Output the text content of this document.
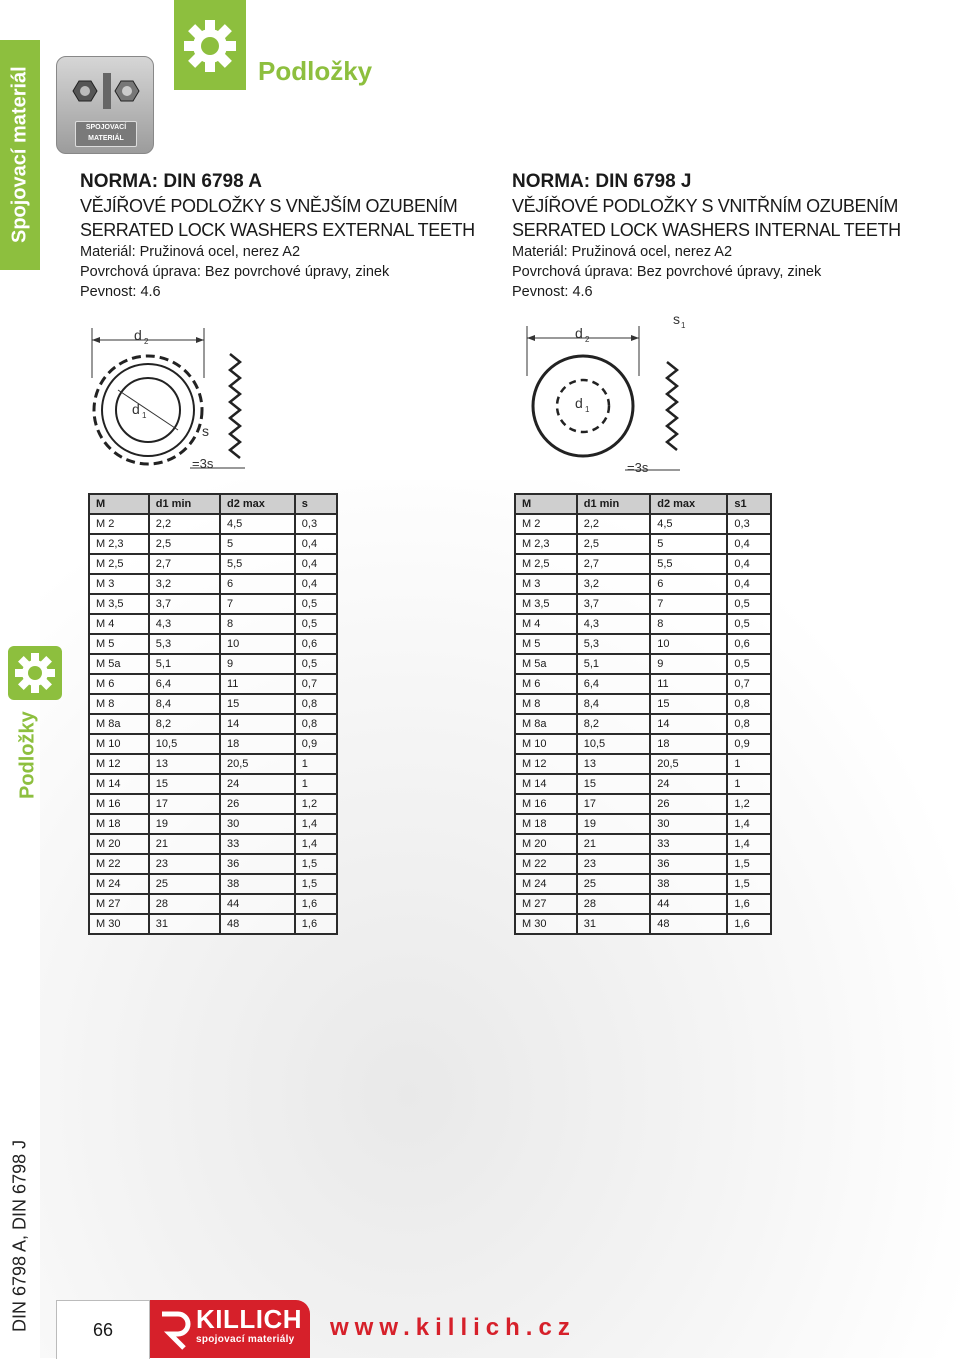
Spojovací materiál
Podložky
DIN 6798 A, DIN 6798 J
Podložky
SPOJOVACÍ
MATERIÁL
NORMA: DIN 6798 A
VĚJÍŘOVÉ PODLOŽKY S VNĚJŠÍM OZUBENÍM
SERRATED LOCK WASHERS EXTERNAL TEETH
Materiál: Pružinová ocel, nerez A2
Povrchová úprava: Bez povrchové úpravy, zinek
Pevnost: 4.6
NORMA: DIN 6798 J
VĚJÍŘOVÉ PODLOŽKY S VNITŘNÍM OZUBENÍM
SERRATED LOCK WASHERS INTERNAL TEETH
Materiál: Pružinová ocel, nerez A2
Povrchová úprava: Bez povrchové úpravy, zinek
Pevnost: 4.6
d 2
d 1
s
=3s
d 2
d 1
s 1
=3s
M	d1 min	d2 max	s
M 2	2,2	4,5	0,3
M 2,3	2,5	5	0,4
M 2,5	2,7	5,5	0,4
M 3	3,2	6	0,4
M 3,5	3,7	7	0,5
M 4	4,3	8	0,5
M 5	5,3	10	0,6
M 5a	5,1	9	0,5
M 6	6,4	11	0,7
M 8	8,4	15	0,8
M 8a	8,2	14	0,8
M 10	10,5	18	0,9
M 12	13	20,5	1
M 14	15	24	1
M 16	17	26	1,2
M 18	19	30	1,4
M 20	21	33	1,4
M 22	23	36	1,5
M 24	25	38	1,5
M 27	28	44	1,6
M 30	31	48	1,6
M	d1 min	d2 max	s1
M 2	2,2	4,5	0,3
M 2,3	2,5	5	0,4
M 2,5	2,7	5,5	0,4
M 3	3,2	6	0,4
M 3,5	3,7	7	0,5
M 4	4,3	8	0,5
M 5	5,3	10	0,6
M 5a	5,1	9	0,5
M 6	6,4	11	0,7
M 8	8,4	15	0,8
M 8a	8,2	14	0,8
M 10	10,5	18	0,9
M 12	13	20,5	1
M 14	15	24	1
M 16	17	26	1,2
M 18	19	30	1,4
M 20	21	33	1,4
M 22	23	36	1,5
M 24	25	38	1,5
M 27	28	44	1,6
M 30	31	48	1,6
66	KILLICH
spojovací materiály www.killich.cz
